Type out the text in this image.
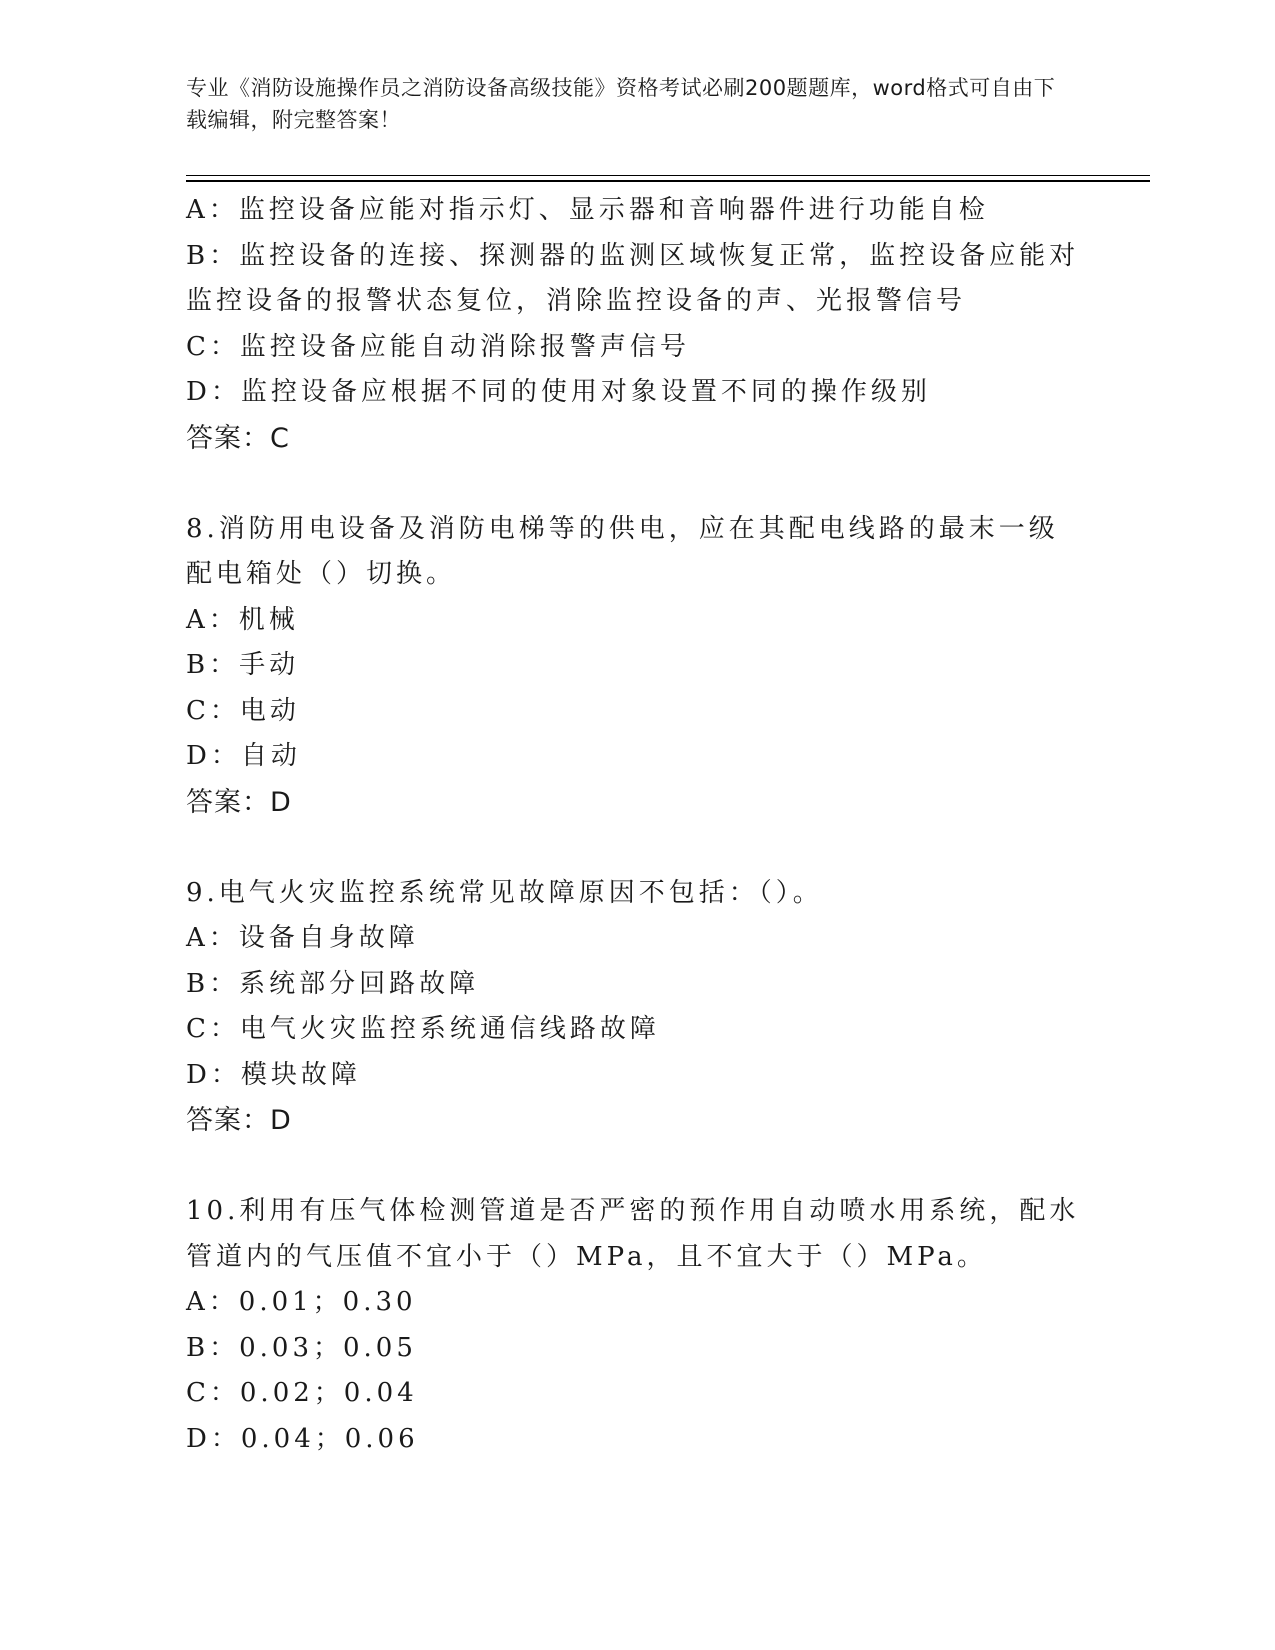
专业《消防设施操作员之消防设备高级技能》资格考试必刷200题题库，word格式可自由下载编辑，附完整答案！
A：监控设备应能对指示灯、显示器和音响器件进行功能自检
B：监控设备的连接、探测器的监测区域恢复正常，监控设备应能对监控设备的报警状态复位，消除监控设备的声、光报警信号
C：监控设备应能自动消除报警声信号
D：监控设备应根据不同的使用对象设置不同的操作级别
答案：C
8.消防用电设备及消防电梯等的供电，应在其配电线路的最末一级配电箱处（）切换。
A：机械
B：手动
C：电动
D：自动
答案：D
9.电气火灾监控系统常见故障原因不包括：（）。
A：设备自身故障
B：系统部分回路故障
C：电气火灾监控系统通信线路故障
D：模块故障
答案：D
10.利用有压气体检测管道是否严密的预作用自动喷水用系统，配水管道内的气压值不宜小于（）MPa，且不宜大于（）MPa。
A：0.01；0.30
B：0.03；0.05
C：0.02；0.04
D：0.04；0.06
